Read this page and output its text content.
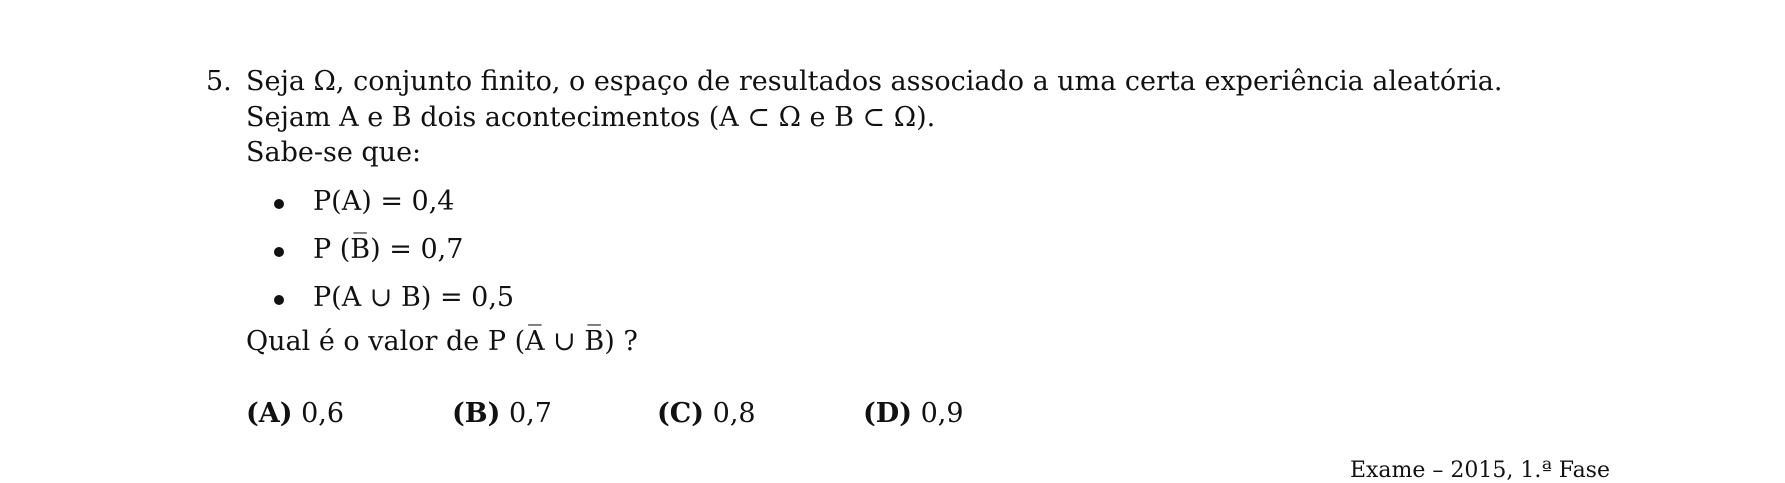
5. Seja Ω, conjunto finito, o espaço de resultados associado a uma certa experiência aleatória.
Sejam A e B dois acontecimentos (A ⊂ Ω e B ⊂ Ω).
Sabe-se que:
P(A) = 0,4
P (B̅) = 0,7
P(A ∪ B) = 0,5
Qual é o valor de P (A̅ ∪ B̅) ?
(A) 0,6	(B) 0,7	(C) 0,8	(D) 0,9
Exame – 2015, 1.ª Fase
